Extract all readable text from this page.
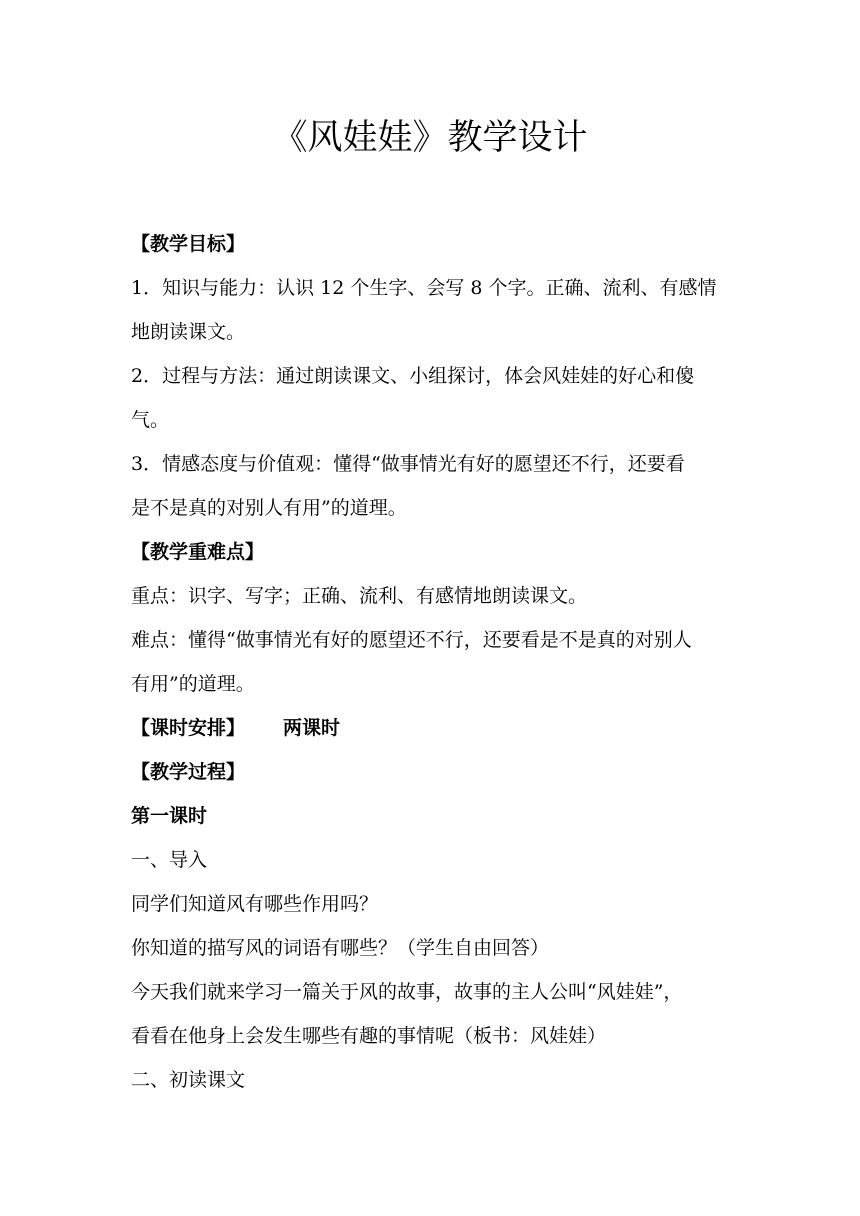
《风娃娃》教学设计

【教学目标】

1．知识与能力：认识 12 个生字、会写 8 个字。正确、流利、有感情

地朗读课文。

2．过程与方法：通过朗读课文、小组探讨，体会风娃娃的好心和傻

气。

3．情感态度与价值观：懂得“做事情光有好的愿望还不行，还要看

是不是真的对别人有用”的道理。

【教学重难点】

重点：识字、写字；正确、流利、有感情地朗读课文。

难点：懂得“做事情光有好的愿望还不行，还要看是不是真的对别人

有用”的道理。

【课时安排】 两课时

【教学过程】

第一课时

一、导入

同学们知道风有哪些作用吗？

你知道的描写风的词语有哪些？（学生自由回答）

今天我们就来学习一篇关于风的故事，故事的主人公叫“风娃娃”，

看看在他身上会发生哪些有趣的事情呢（板书：风娃娃）

二、初读课文
